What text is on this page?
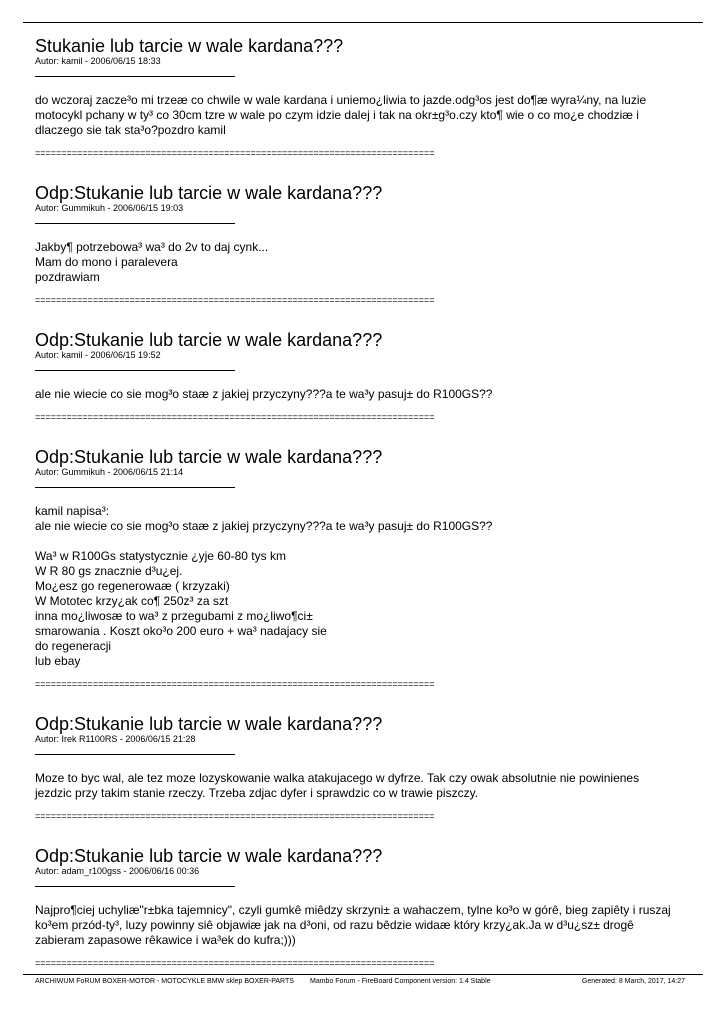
Stukanie lub tarcie w wale kardana???
Autor: kamil - 2006/06/15 18:33
do wczoraj zacze³o mi trzeæ co chwile w wale kardana i uniemo¿liwia to jazde.odg³os jest do¶æ wyra¼ny, na luzie
motocykl pchany w ty³ co 30cm tzre w wale po czym idzie dalej i tak na okr±g³o.czy kto¶ wie o co mo¿e chodziæ i
dlaczego sie tak sta³o?pozdro kamil
============================================================================
Odp:Stukanie lub tarcie w wale kardana???
Autor: Gummikuh - 2006/06/15 19:03
Jakby¶ potrzebowa³ wa³ do 2v to daj cynk...
Mam do mono i paralevera
pozdrawiam
============================================================================
Odp:Stukanie lub tarcie w wale kardana???
Autor: kamil - 2006/06/15 19:52
ale nie wiecie co sie mog³o staæ z jakiej przyczyny???a te wa³y pasuj± do R100GS??
============================================================================
Odp:Stukanie lub tarcie w wale kardana???
Autor: Gummikuh - 2006/06/15 21:14
kamil napisa³:
ale nie wiecie co sie mog³o staæ z jakiej przyczyny???a te wa³y pasuj± do R100GS??

Wa³ w R100Gs statystycznie ¿yje 60-80 tys km
W R 80 gs znacznie d³u¿ej.
Mo¿esz go regenerowaæ ( krzyzaki)
W Mototec krzy¿ak co¶ 250z³ za szt
inna mo¿liwosæ to wa³ z przegubami z mo¿liwo¶ci±
smarowania . Koszt oko³o 200 euro + wa³ nadajacy sie
do regeneracji
lub ebay
============================================================================
Odp:Stukanie lub tarcie w wale kardana???
Autor: Irek R1100RS - 2006/06/15 21:28
Moze to byc wal, ale tez moze lozyskowanie walka atakujacego w dyfrze. Tak czy owak absolutnie nie powinienes
jezdzic przy takim stanie rzeczy. Trzeba zdjac dyfer i sprawdzic co w trawie piszczy.
============================================================================
Odp:Stukanie lub tarcie w wale kardana???
Autor: adam_r100gss - 2006/06/16 00:36
Najpro¶ciej uchyliæ"r±bka tajemnicy", czyli gumkê miêdzy skrzyni± a wahaczem, tylne ko³o w górê, bieg zapiêty i ruszaj
ko³em przód-ty³, luzy powinny siê objawiæ jak na d³oni, od razu bêdzie widaæ który krzy¿ak.Ja w d³u¿sz± drogê
zabieram zapasowe rêkawice i wa³ek do kufra;)))
============================================================================
ARCHIWUM FoRUM BOXER-MOTOR - MOTOCYKLE BMW sklep BOXER-PARTS Mambo Forum - FireBoard Component version: 1.4 Stable	Generated: 8 March, 2017, 14:27
